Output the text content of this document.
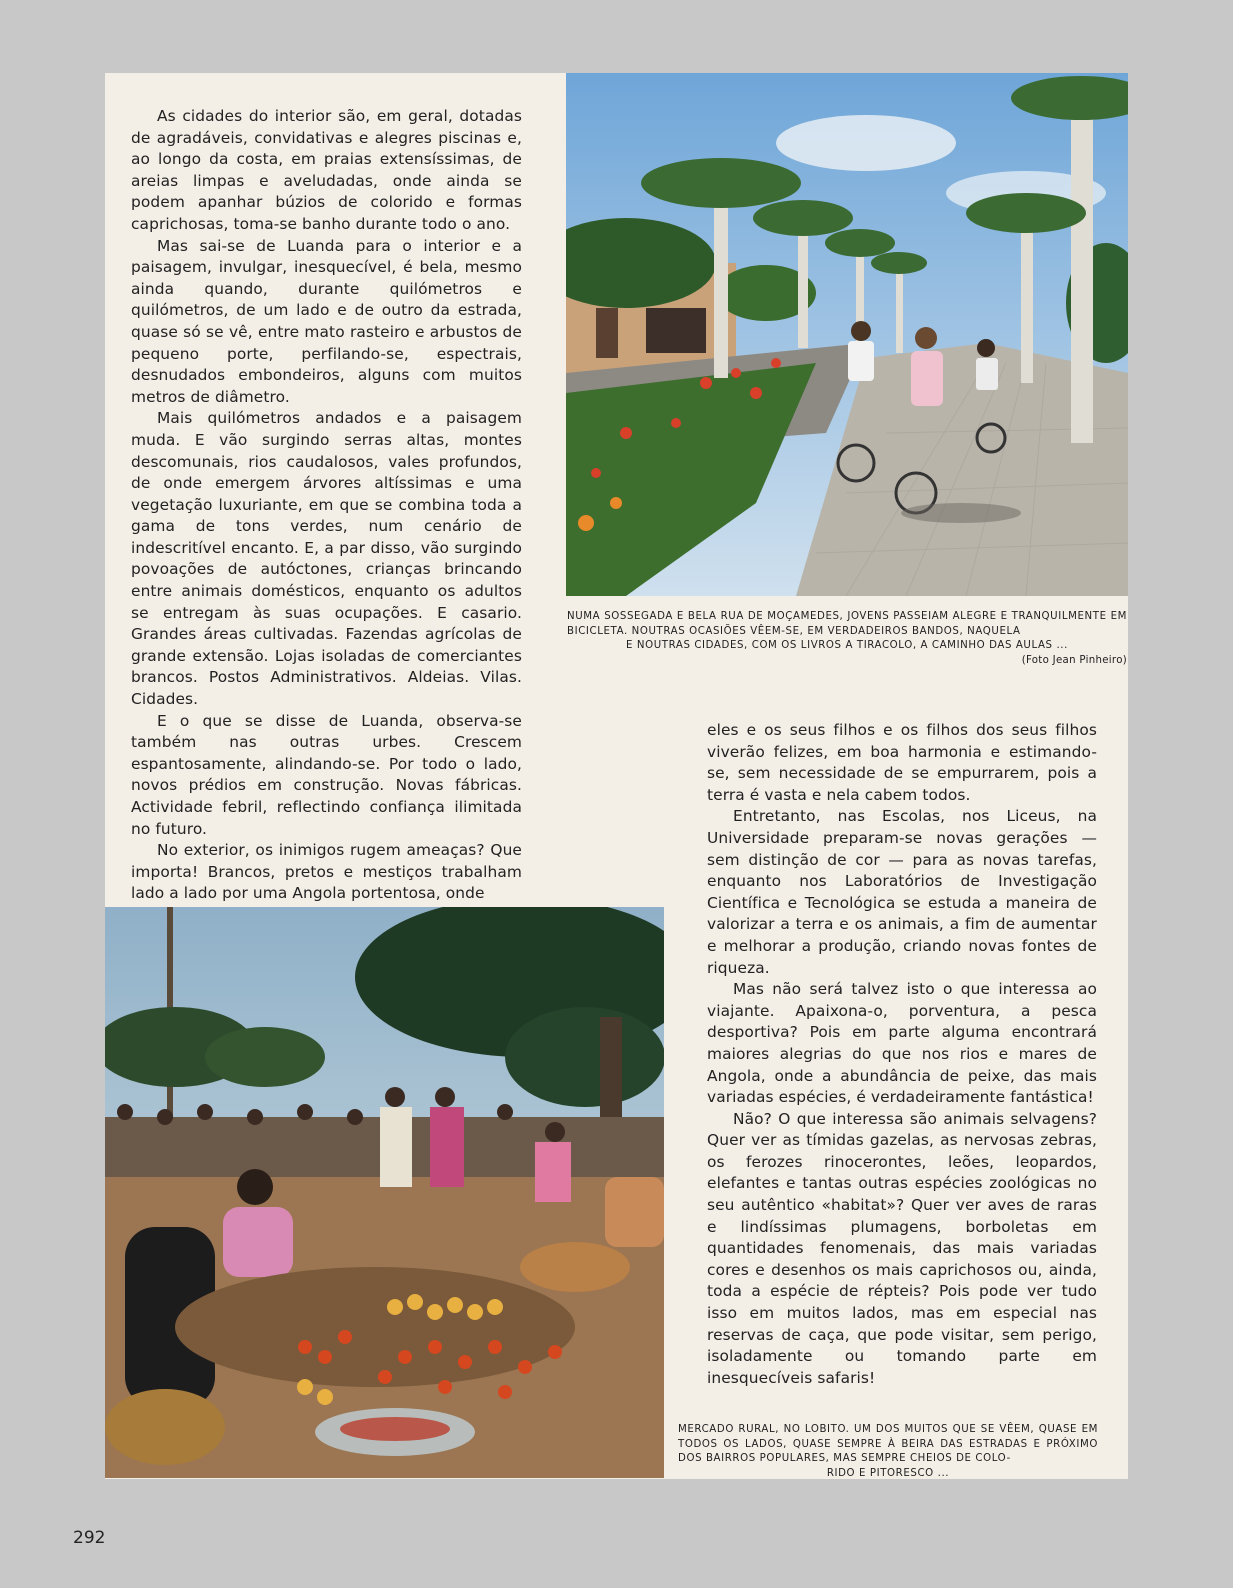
As cidades do interior são, em geral, dotadas de agradáveis, convidativas e alegres piscinas e, ao longo da costa, em praias extensíssimas, de areias limpas e aveludadas, onde ainda se podem apanhar búzios de colorido e formas caprichosas, toma-se banho durante todo o ano.

Mas sai-se de Luanda para o interior e a paisagem, invulgar, inesquecível, é bela, mesmo ainda quando, durante quilómetros e quilómetros, de um lado e de outro da estrada, quase só se vê, entre mato rasteiro e arbustos de pequeno porte, perfilando-se, espectrais, desnudados embondeiros, alguns com muitos metros de diâmetro.

Mais quilómetros andados e a paisagem muda. E vão surgindo serras altas, montes descomunais, rios caudalosos, vales profundos, de onde emergem árvores altíssimas e uma vegetação luxuriante, em que se combina toda a gama de tons verdes, num cenário de indescritível encanto. E, a par disso, vão surgindo povoações de autóctones, crianças brincando entre animais domésticos, enquanto os adultos se entregam às suas ocupações. E casario. Grandes áreas cultivadas. Fazendas agrícolas de grande extensão. Lojas isoladas de comerciantes brancos. Postos Administrativos. Aldeias. Vilas. Cidades.

E o que se disse de Luanda, observa-se também nas outras urbes. Crescem espantosamente, alindando-se. Por todo o lado, novos prédios em construção. Novas fábricas. Actividade febril, reflectindo confiança ilimitada no futuro.

No exterior, os inimigos rugem ameaças? Que importa! Brancos, pretos e mestiços trabalham lado a lado por uma Angola portentosa, onde

NUMA SOSSEGADA E BELA RUA DE MOÇAMEDES, JOVENS PASSEIAM ALEGRE E TRANQUILMENTE EM BICICLETA. NOUTRAS OCASIÕES VÊEM-SE, EM VERDADEIROS BANDOS, NAQUELA
E NOUTRAS CIDADES, COM OS LIVROS A TIRACOLO, A CAMINHO DAS AULAS ...
(Foto Jean Pinheiro)

eles e os seus filhos e os filhos dos seus filhos viverão felizes, em boa harmonia e estimando-se, sem necessidade de se empurrarem, pois a terra é vasta e nela cabem todos.

Entretanto, nas Escolas, nos Liceus, na Universidade preparam-se novas gerações — sem distinção de cor — para as novas tarefas, enquanto nos Laboratórios de Investigação Científica e Tecnológica se estuda a maneira de valorizar a terra e os animais, a fim de aumentar e melhorar a produção, criando novas fontes de riqueza.

Mas não será talvez isto o que interessa ao viajante. Apaixona-o, porventura, a pesca desportiva? Pois em parte alguma encontrará maiores alegrias do que nos rios e mares de Angola, onde a abundância de peixe, das mais variadas espécies, é verdadeiramente fantástica!

Não? O que interessa são animais selvagens? Quer ver as tímidas gazelas, as nervosas zebras, os ferozes rinocerontes, leões, leopardos, elefantes e tantas outras espécies zoológicas no seu autêntico «habitat»? Quer ver aves de raras e lindíssimas plumagens, borboletas em quantidades fenomenais, das mais variadas cores e desenhos os mais caprichosos ou, ainda, toda a espécie de répteis? Pois pode ver tudo isso em muitos lados, mas em especial nas reservas de caça, que pode visitar, sem perigo, isoladamente ou tomando parte em inesquecíveis safaris!

MERCADO RURAL, NO LOBITO. UM DOS MUITOS QUE SE VÊEM, QUASE EM TODOS OS LADOS, QUASE SEMPRE À BEIRA DAS ESTRADAS E PRÓXIMO DOS BAIRROS POPULARES, MAS SEMPRE CHEIOS DE COLO-
RIDO E PITORESCO ...
292
